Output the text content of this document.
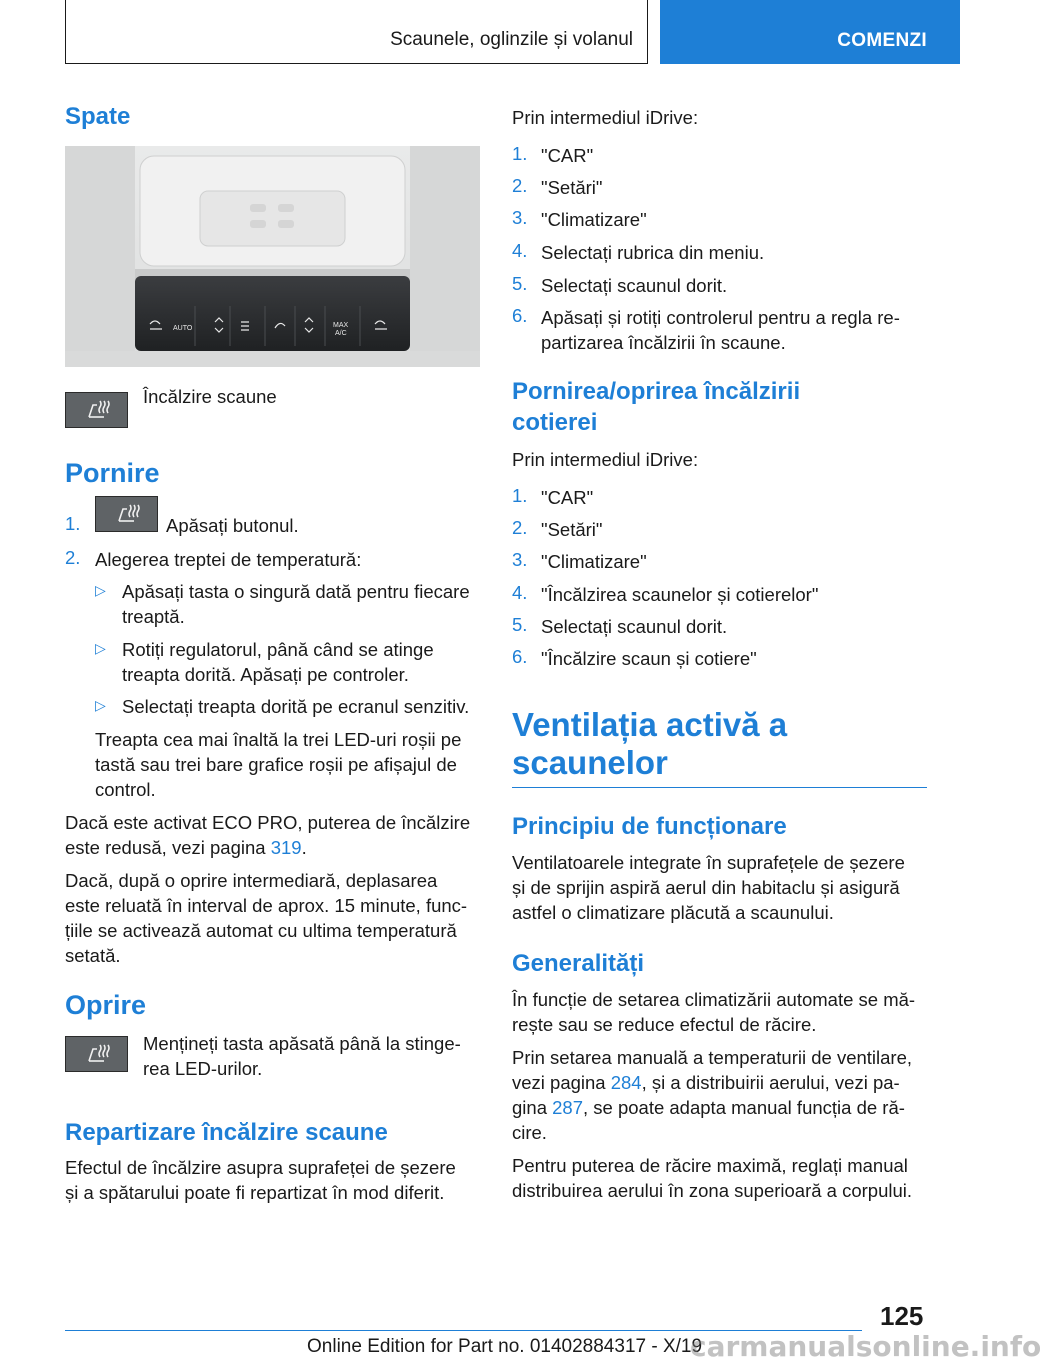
Scaunele, oglinzile și volanul	COMENZI
Spate
AUTO	MAX
A/C
Încălzire scaune
Pornire
1.	Apăsați butonul.
2. Alegerea treptei de temperatură:
▷ Apăsați tasta o singură dată pentru fiecare
treaptă.
▷ Rotiți regulatorul, până când se atinge
treapta dorită. Apăsați pe controler.
▷ Selectați treapta dorită pe ecranul senzitiv.
Treapta cea mai înaltă la trei LED-uri roșii pe
tastă sau trei bare grafice roșii pe afișajul de
control.
Dacă este activat ECO PRO, puterea de încălzire
este redusă, vezi pagina 319.
Dacă, după o oprire intermediară, deplasarea
este reluată în interval de aprox. 15 minute, func-
țiile se activează automat cu ultima temperatură
setată.
Oprire
Mențineți tasta apăsată până la stinge-
rea LED-urilor.
Repartizare încălzire scaune
Efectul de încălzire asupra suprafeței de șezere
și a spătarului poate fi repartizat în mod diferit.
Prin intermediul iDrive:
1. "CAR"
2. "Setări"
3. "Climatizare"
4. Selectați rubrica din meniu.
5. Selectați scaunul dorit.
6. Apăsați și rotiți controlerul pentru a regla re-
partizarea încălzirii în scaune.
Pornirea/oprirea încălzirii
cotierei
Prin intermediul iDrive:
1. "CAR"
2. "Setări"
3. "Climatizare"
4. "Încălzirea scaunelor și cotierelor"
5. Selectați scaunul dorit.
6. "Încălzire scaun și cotiere"
Ventilația activă a
scaunelor
Principiu de funcționare
Ventilatoarele integrate în suprafețele de șezere
și de sprijin aspiră aerul din habitaclu și asigură
astfel o climatizare plăcută a scaunului.
Generalități
În funcție de setarea climatizării automate se mă-
rește sau se reduce efectul de răcire.
Prin setarea manuală a temperaturii de ventilare,
vezi pagina 284, și a distribuirii aerului, vezi pa-
gina 287, se poate adapta manual funcția de ră-
cire.
Pentru puterea de răcire maximă, reglați manual
distribuirea aerului în zona superioară a corpului.
125
Online Edition for Part no. 01402884317 - X/19
carmanualsonline.info
